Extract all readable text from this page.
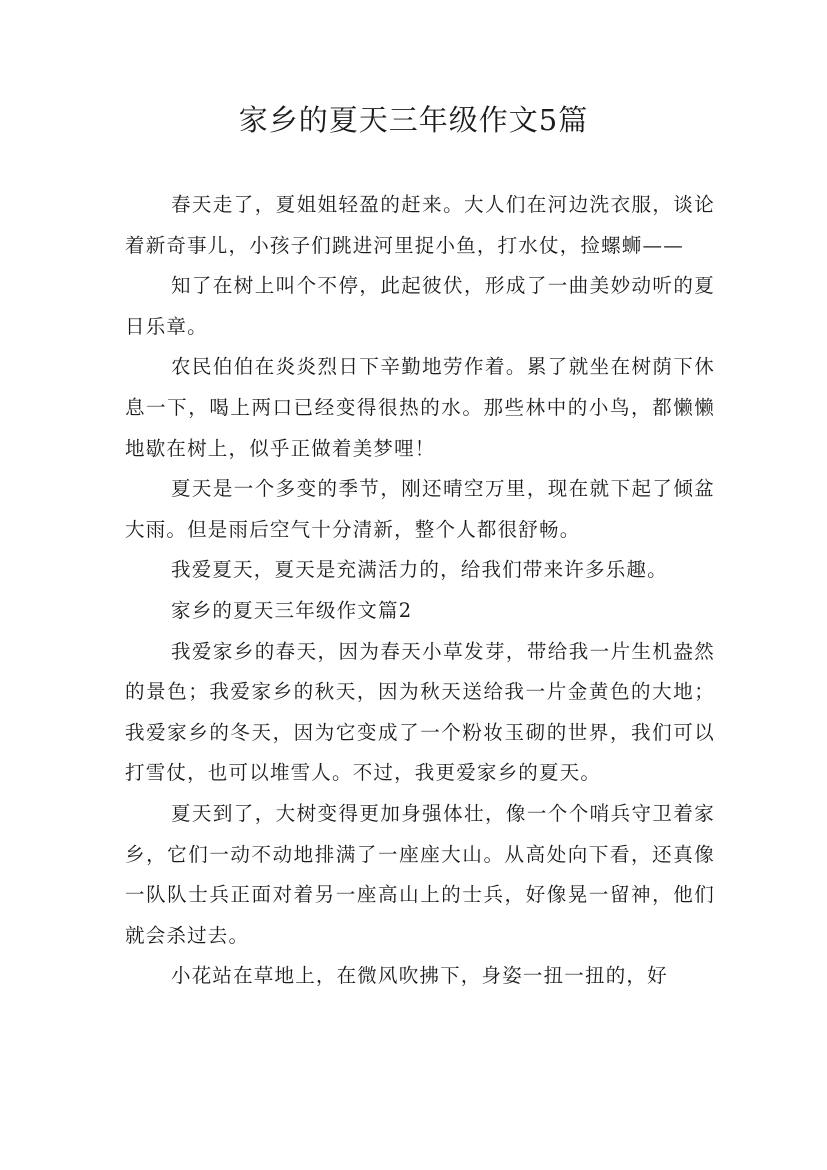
家乡的夏天三年级作文5篇

春天走了，夏姐姐轻盈的赶来。大人们在河边洗衣服，谈论着新奇事儿，小孩子们跳进河里捉小鱼，打水仗，捡螺蛳——

知了在树上叫个不停，此起彼伏，形成了一曲美妙动听的夏日乐章。

农民伯伯在炎炎烈日下辛勤地劳作着。累了就坐在树荫下休息一下，喝上两口已经变得很热的水。那些林中的小鸟，都懒懒地歇在树上，似乎正做着美梦哩！

夏天是一个多变的季节，刚还晴空万里，现在就下起了倾盆大雨。但是雨后空气十分清新，整个人都很舒畅。

我爱夏天，夏天是充满活力的，给我们带来许多乐趣。

家乡的夏天三年级作文篇2

我爱家乡的春天，因为春天小草发芽，带给我一片生机盎然的景色；我爱家乡的秋天，因为秋天送给我一片金黄色的大地；我爱家乡的冬天，因为它变成了一个粉妆玉砌的世界，我们可以打雪仗，也可以堆雪人。不过，我更爱家乡的夏天。

夏天到了，大树变得更加身强体壮，像一个个哨兵守卫着家乡，它们一动不动地排满了一座座大山。从高处向下看，还真像一队队士兵正面对着另一座高山上的士兵，好像晃一留神，他们就会杀过去。

小花站在草地上，在微风吹拂下，身姿一扭一扭的，好
